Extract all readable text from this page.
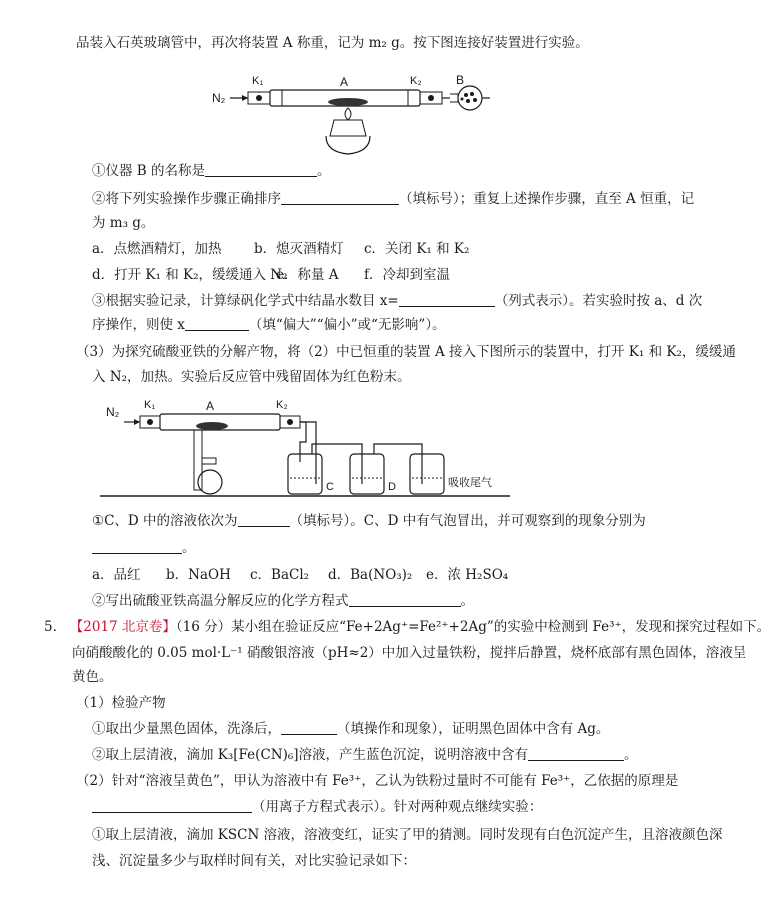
品装入石英玻璃管中，再次将装置 A 称重，记为 m₂ g。按下图连接好装置进行实验。
N₂
K₁	A	K₂	B
①仪器 B 的名称是	。
②将下列实验操作步骤正确排序	（填标号）；重复上述操作步骤，直至 A 恒重，记
为 m₃ g。
a．点燃酒精灯，加热 b．熄灭酒精灯 c．关闭 K₁ 和 K₂
d．打开 K₁ 和 K₂，缓缓通入 N₂e．称量 A f．冷却到室温
③根据实验记录，计算绿矾化学式中结晶水数目 x=	（列式表示）。若实验时按 a、d 次
序操作，则使 x	（填“偏大”“偏小”或“无影响”）。
（3）为探究硫酸亚铁的分解产物，将（2）中已恒重的装置 A 接入下图所示的装置中，打开 K₁ 和 K₂，缓缓通
入 N₂，加热。实验后反应管中残留固体为红色粉末。
N₂ K₁	A	K₂
C	D	吸收尾气
①C、D 中的溶液依次为	（填标号）。C、D 中有气泡冒出，并可观察到的现象分别为
。
a．品红 b．NaOH c．BaCl₂ d．Ba(NO₃)₂ e．浓 H₂SO₄
②写出硫酸亚铁高温分解反应的化学方程式	。
5. 【2017 北京卷】（16 分）某小组在验证反应“Fe+2Ag⁺=Fe²⁺+2Ag”的实验中检测到 Fe³⁺，发现和探究过程如下。
向硝酸酸化的 0.05 mol·L⁻¹ 硝酸银溶液（pH≈2）中加入过量铁粉，搅拌后静置，烧杯底部有黑色固体，溶液呈
黄色。
（1）检验产物
①取出少量黑色固体，洗涤后，	（填操作和现象），证明黑色固体中含有 Ag。
②取上层清液，滴加 K₃[Fe(CN)₆]溶液，产生蓝色沉淀，说明溶液中含有	。
（2）针对“溶液呈黄色”，甲认为溶液中有 Fe³⁺，乙认为铁粉过量时不可能有 Fe³⁺，乙依据的原理是
（用离子方程式表示）。针对两种观点继续实验：
①取上层清液，滴加 KSCN 溶液，溶液变红，证实了甲的猜测。同时发现有白色沉淀产生，且溶液颜色深
浅、沉淀量多少与取样时间有关，对比实验记录如下：
